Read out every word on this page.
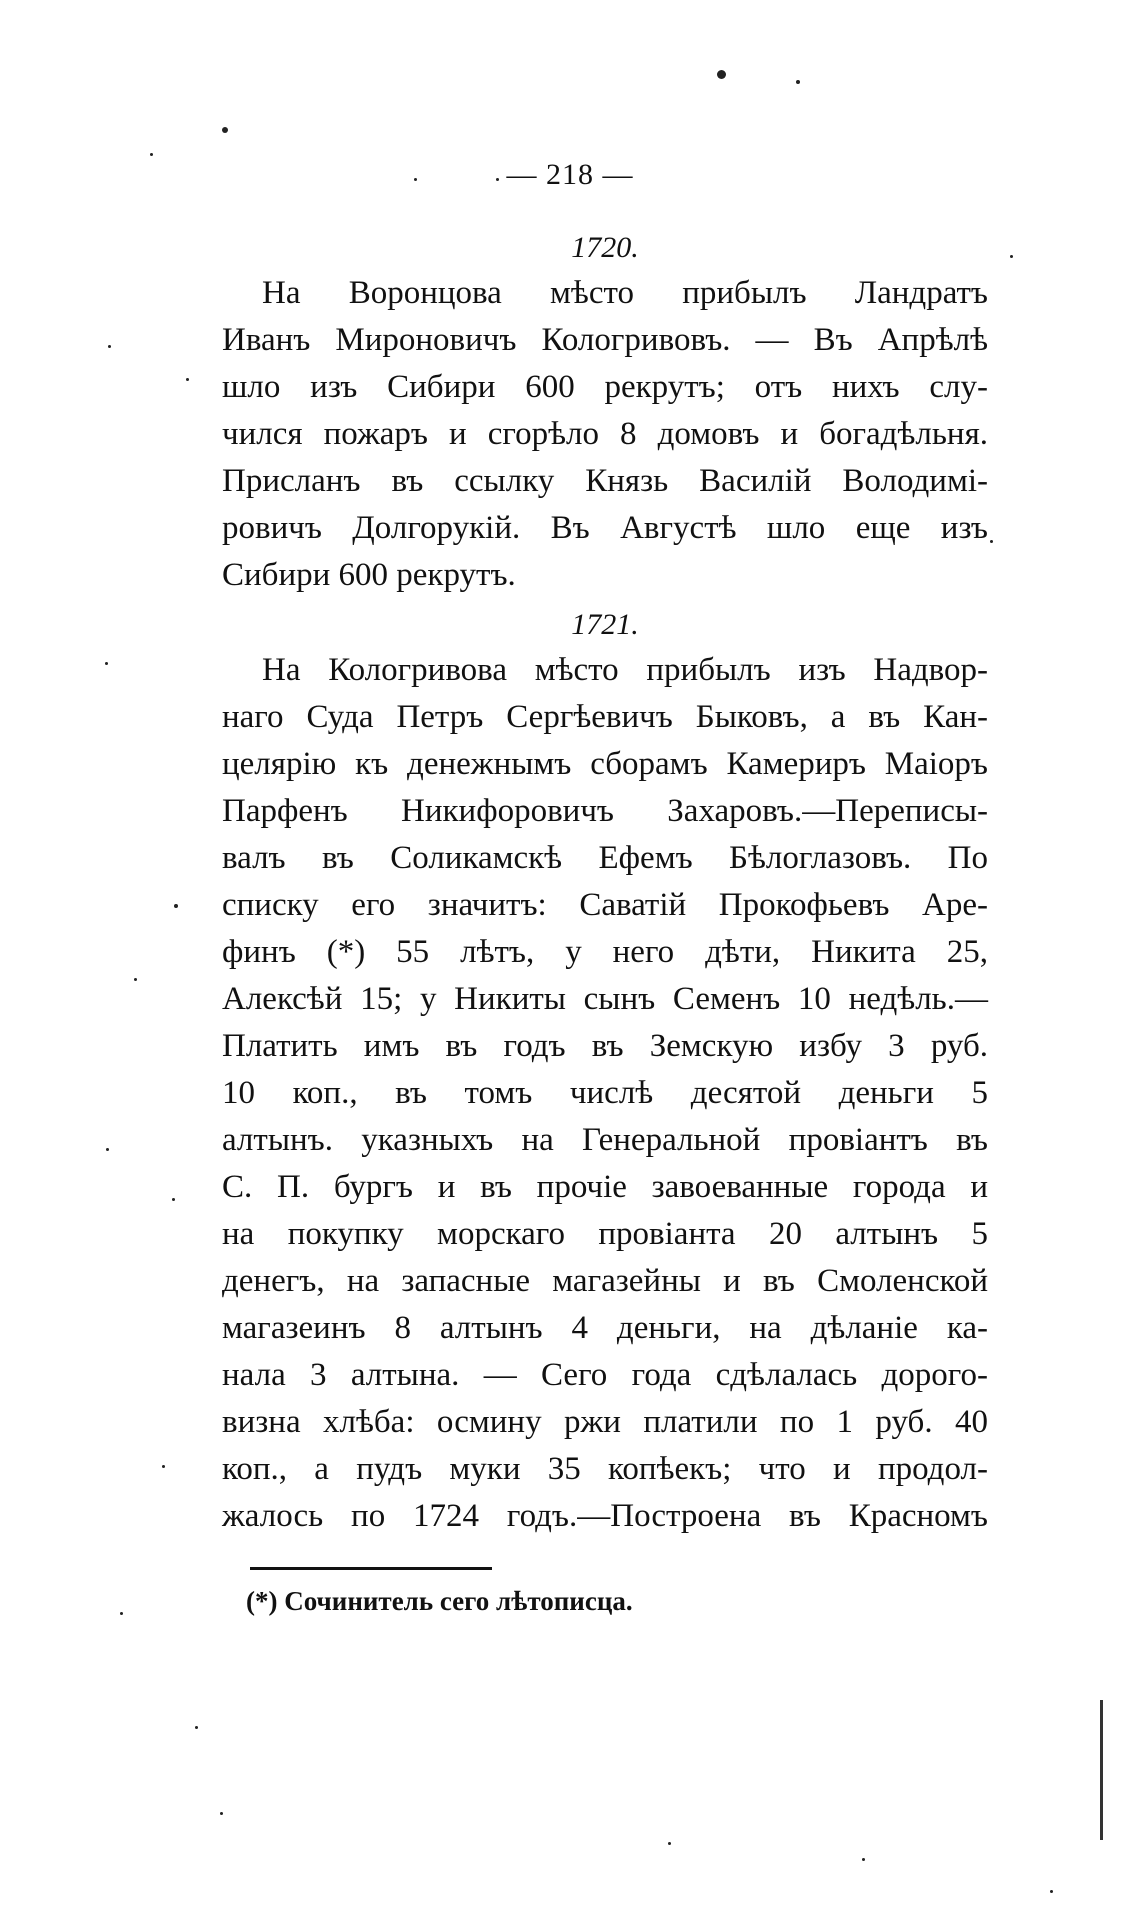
— 218 —
1720.
На Воронцова мѣсто прибылъ Ландратъ
Иванъ Мироновичъ Кологривовъ. — Въ Апрѣлѣ
шло изъ Сибири 600 рекрутъ; отъ нихъ слу-
чился пожаръ и сгорѣло 8 домовъ и богадѣльня.
Присланъ въ ссылку Князь Василій Володимі-
ровичъ Долгорукій. Въ Августѣ шло еще изъ
Сибири 600 рекрутъ.
1721.
На Кологривова мѣсто прибылъ изъ Надвор-
наго Суда Петръ Сергѣевичъ Быковъ, а въ Кан-
целярію къ денежнымъ сборамъ Камериръ Маіоръ
Парфенъ Никифоровичъ Захаровъ.—Переписы-
валъ въ Соликамскѣ Ефемъ Бѣлоглазовъ. По
списку его значитъ: Саватій Прокофьевъ Аре-
финъ (*) 55 лѣтъ, у него дѣти, Никита 25,
Алексѣй 15; у Никиты сынъ Семенъ 10 недѣль.—
Платить имъ въ годъ въ Земскую избу 3 руб.
10 коп., въ томъ числѣ десятой деньги 5
алтынъ. указныхъ на Генеральной провіантъ въ
С. П. бургъ и въ прочіе завоеванные города и
на покупку морскаго провіанта 20 алтынъ 5
денегъ, на запасные магазейны и въ Смоленской
магазеинъ 8 алтынъ 4 деньги, на дѣланіе ка-
нала 3 алтына. — Сего года сдѣлалась дорого-
визна хлѣба: осмину ржи платили по 1 руб. 40
коп., а пудъ муки 35 копѣекъ; что и продол-
жалось по 1724 годъ.—Построена въ Красномъ
(*) Сочинитель сего лѣтописца.
